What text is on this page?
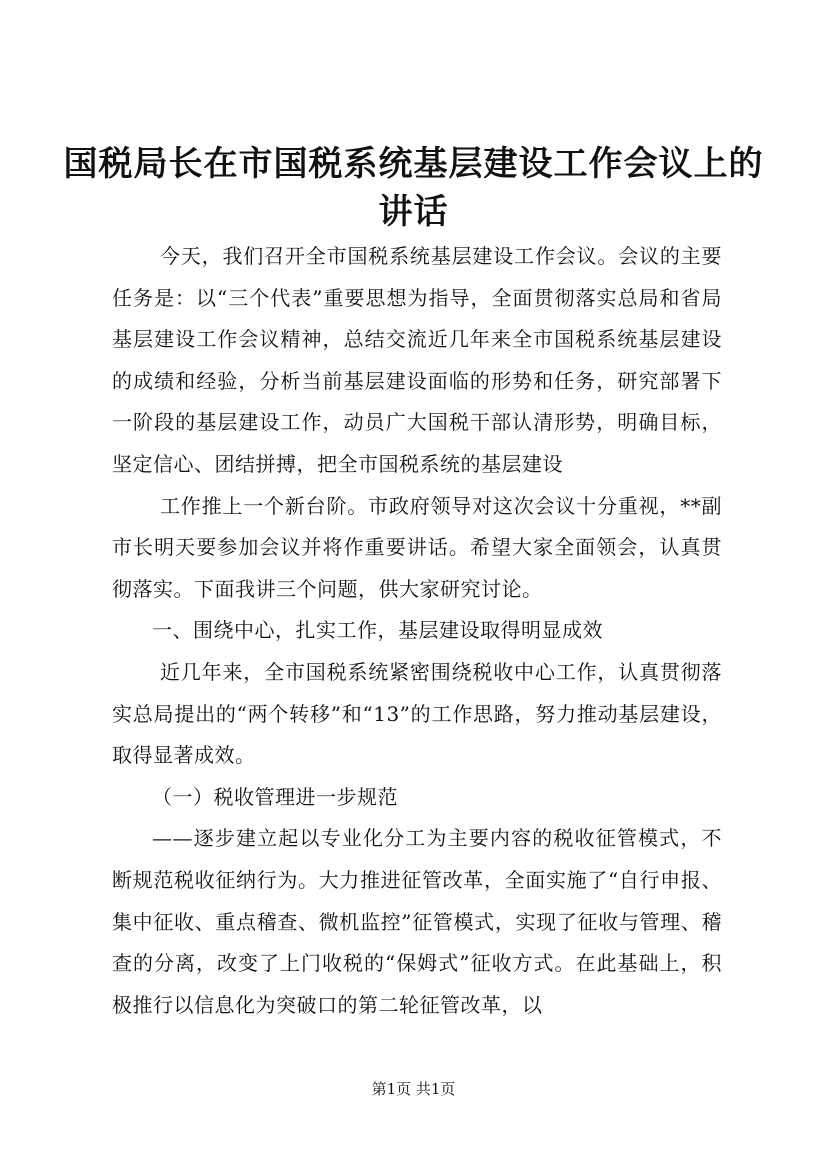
国税局长在市国税系统基层建设工作会议上的
讲话

今天，我们召开全市国税系统基层建设工作会议。会议的主要任务是：以“三个代表”重要思想为指导，全面贯彻落实总局和省局基层建设工作会议精神，总结交流近几年来全市国税系统基层建设的成绩和经验，分析当前基层建设面临的形势和任务，研究部署下一阶段的基层建设工作，动员广大国税干部认清形势，明确目标，坚定信心、团结拼搏，把全市国税系统的基层建设

工作推上一个新台阶。市政府领导对这次会议十分重视，**副市长明天要参加会议并将作重要讲话。希望大家全面领会，认真贯彻落实。下面我讲三个问题，供大家研究讨论。

一、围绕中心，扎实工作，基层建设取得明显成效

近几年来，全市国税系统紧密围绕税收中心工作，认真贯彻落实总局提出的“两个转移”和“13”的工作思路，努力推动基层建设，取得显著成效。

（一）税收管理进一步规范

——逐步建立起以专业化分工为主要内容的税收征管模式，不断规范税收征纳行为。大力推进征管改革，全面实施了“自行申报、集中征收、重点稽查、微机监控”征管模式，实现了征收与管理、稽查的分离，改变了上门收税的“保姆式”征收方式。在此基础上，积极推行以信息化为突破口的第二轮征管改革，以

第1页 共1页
